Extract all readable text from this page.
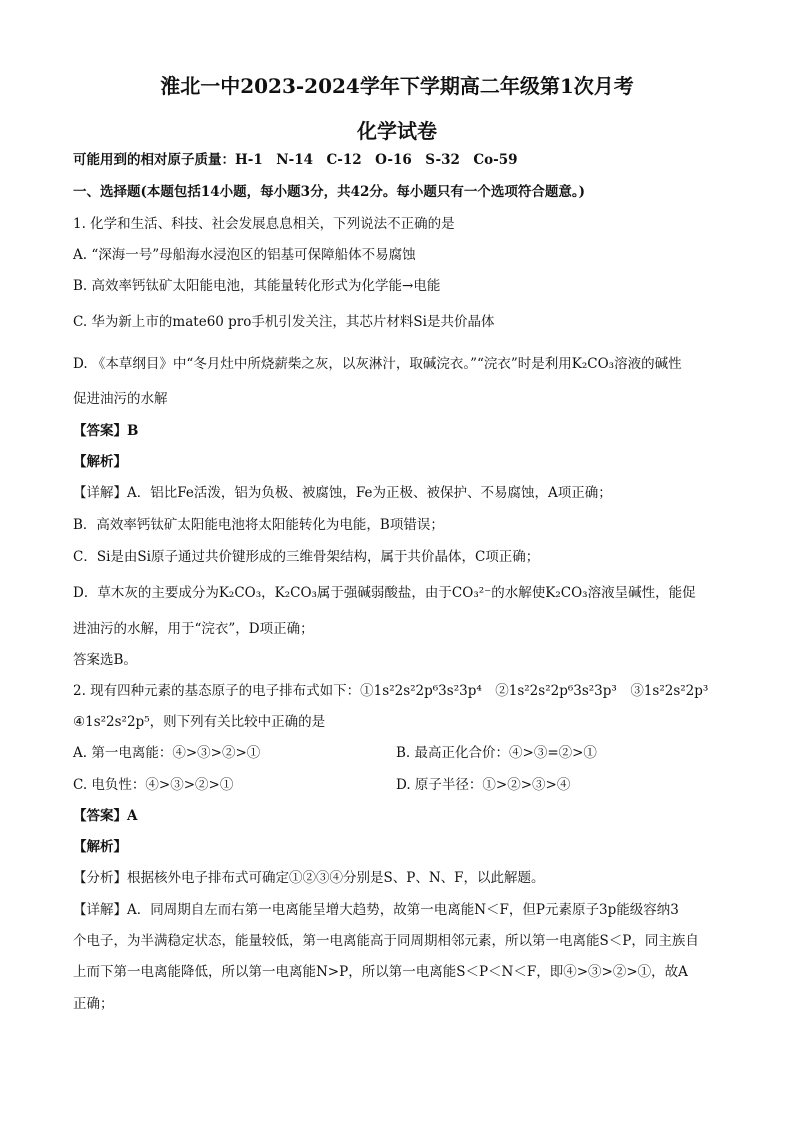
淮北一中2023-2024学年下学期高二年级第1次月考
化学试卷
可能用到的相对原子质量：H-1　N-14　C-12　O-16　S-32　Co-59
一、选择题(本题包括14小题，每小题3分，共42分。每小题只有一个选项符合题意。)
1. 化学和生活、科技、社会发展息息相关，下列说法不正确的是
A. “深海一号”母船海水浸泡区的铝基可保障船体不易腐蚀
B. 高效率钙钛矿太阳能电池，其能量转化形式为化学能→电能
C. 华为新上市的mate60 pro手机引发关注，其芯片材料Si是共价晶体
D. 《本草纲目》中“冬月灶中所烧薪柴之灰，以灰淋汁，取碱浣衣。”“浣衣”时是利用K₂CO₃溶液的碱性
促进油污的水解
【答案】B
【解析】
【详解】A．铝比Fe活泼，铝为负极、被腐蚀，Fe为正极、被保护、不易腐蚀，A项正确；
B．高效率钙钛矿太阳能电池将太阳能转化为电能，B项错误；
C．Si是由Si原子通过共价键形成的三维骨架结构，属于共价晶体，C项正确；
D．草木灰的主要成分为K₂CO₃，K₂CO₃属于强碱弱酸盐，由于CO₃²⁻的水解使K₂CO₃溶液呈碱性，能促
进油污的水解，用于“浣衣”，D项正确；
答案选B。
2. 现有四种元素的基态原子的电子排布式如下：①1s²2s²2p⁶3s²3p⁴　②1s²2s²2p⁶3s²3p³　③1s²2s²2p³
④1s²2s²2p⁵，则下列有关比较中正确的是
A. 第一电离能：④>③>②>①	B. 最高正化合价：④>③=②>①
C. 电负性：④>③>②>①	D. 原子半径：①>②>③>④
【答案】A
【解析】
【分析】根据核外电子排布式可确定①②③④分别是S、P、N、F，以此解题。
【详解】A．同周期自左而右第一电离能呈增大趋势，故第一电离能N＜F，但P元素原子3p能级容纳3
个电子，为半满稳定状态，能量较低，第一电离能高于同周期相邻元素，所以第一电离能S＜P，同主族自
上而下第一电离能降低，所以第一电离能N>P，所以第一电离能S＜P＜N＜F，即④>③>②>①，故A
正确；
